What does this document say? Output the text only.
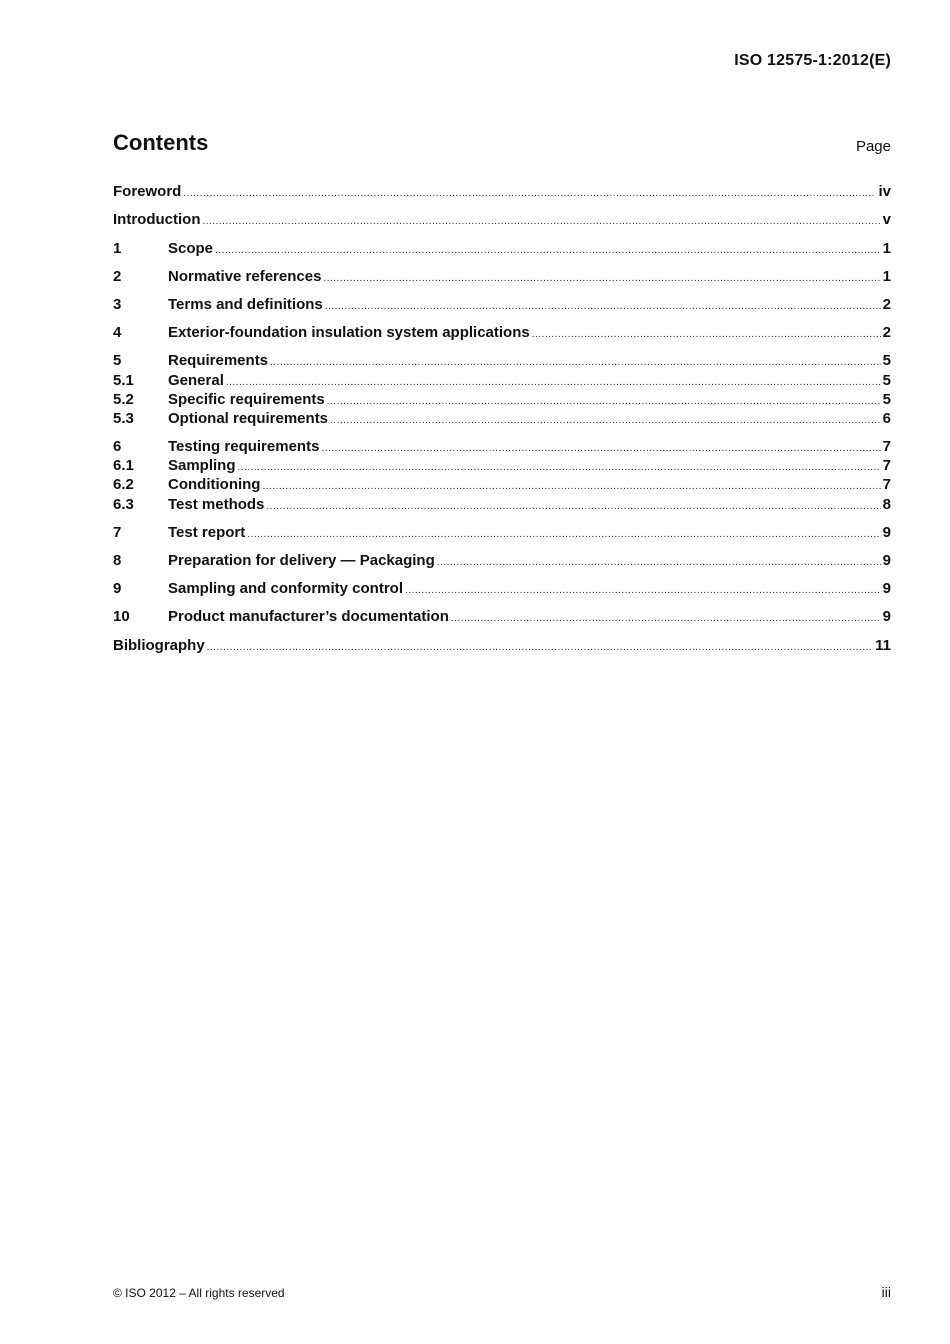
ISO 12575-1:2012(E)
Contents	Page
Foreword .....	iv
Introduction .....	v
1	Scope .....	1
2	Normative references .....	1
3	Terms and definitions .....	2
4	Exterior-foundation insulation system applications .....	2
5	Requirements .....	5
5.1	General .....	5
5.2	Specific requirements .....	5
5.3	Optional requirements .....	6
6	Testing requirements .....	7
6.1	Sampling .....	7
6.2	Conditioning .....	7
6.3	Test methods .....	8
7	Test report .....	9
8	Preparation for delivery — Packaging .....	9
9	Sampling and conformity control .....	9
10	Product manufacturer’s documentation .....	9
Bibliography .....	11
© ISO 2012 – All rights reserved	iii
